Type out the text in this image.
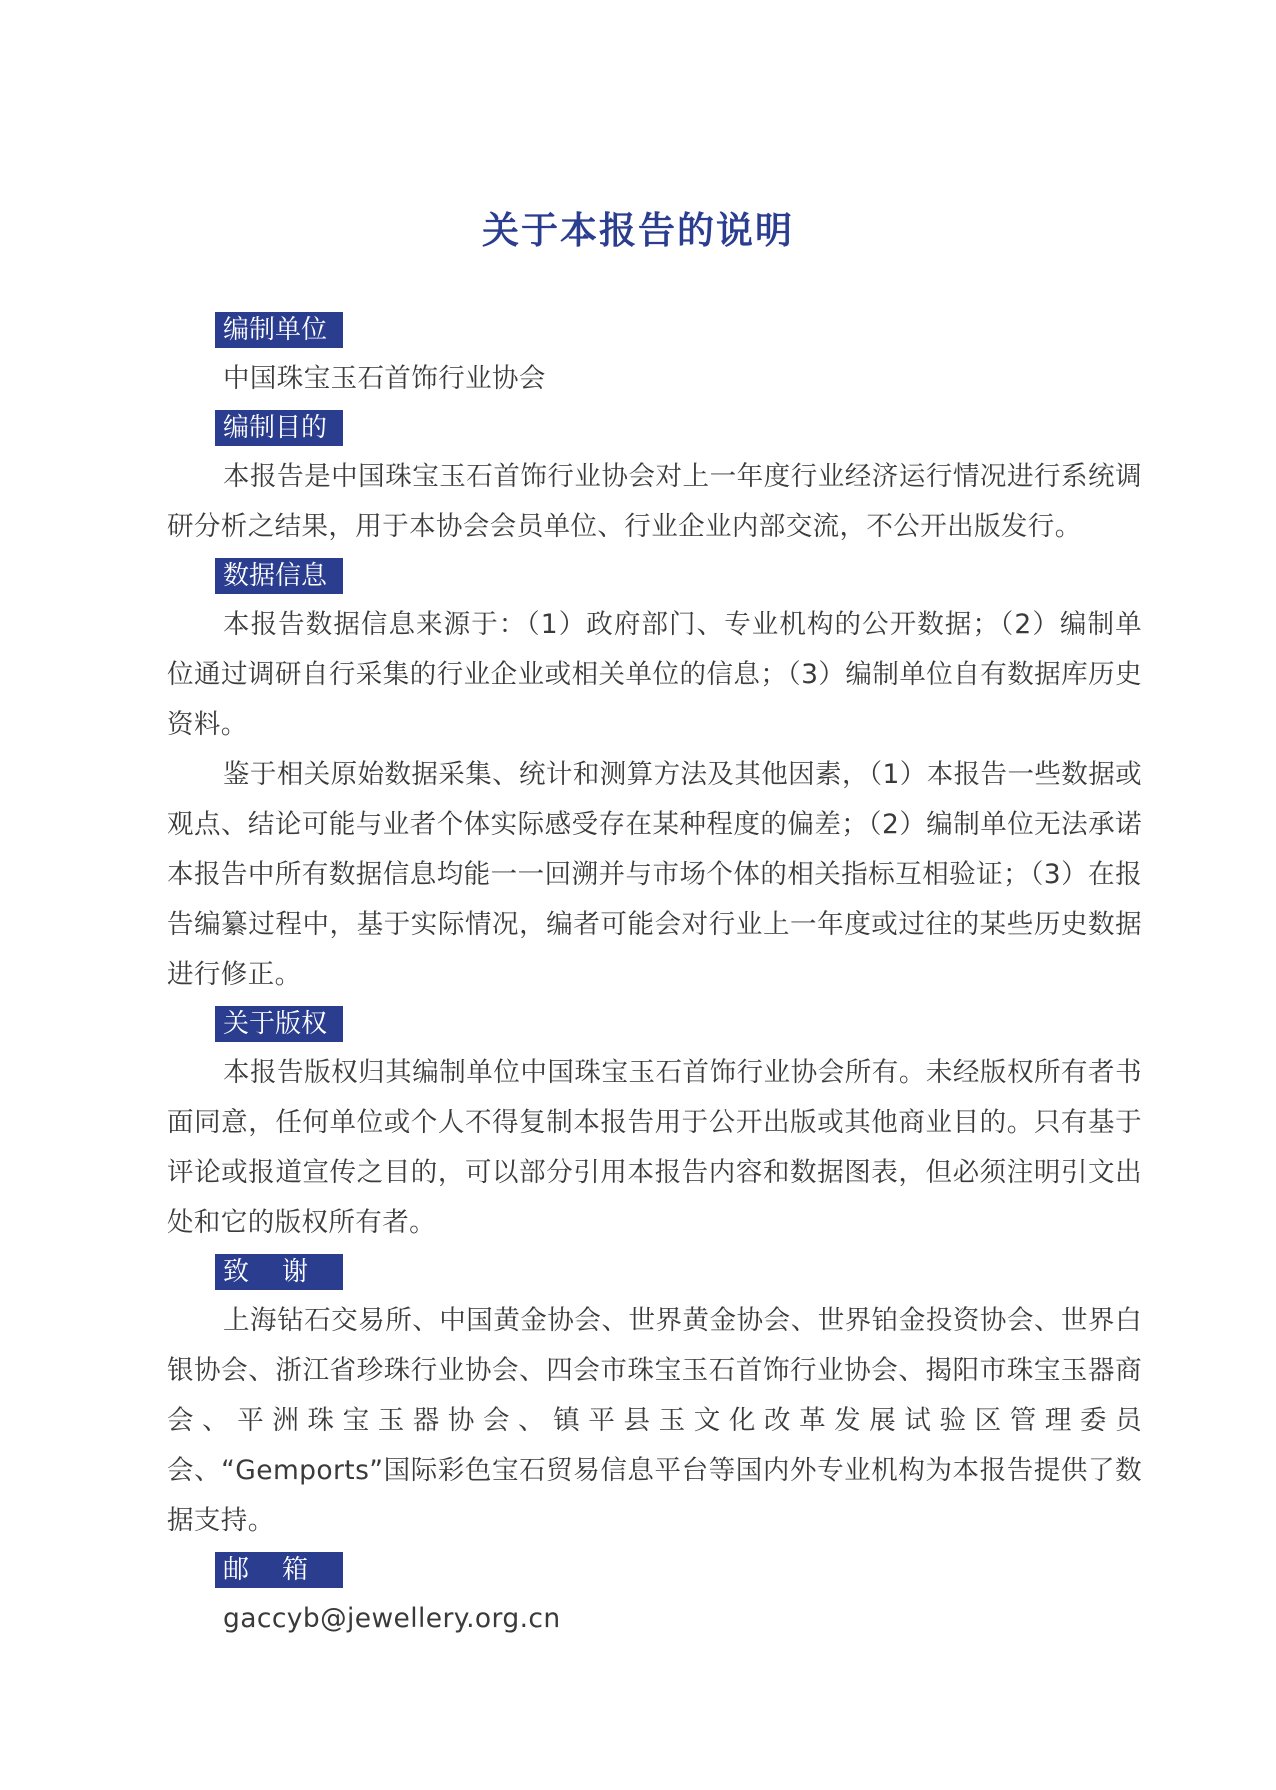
关于本报告的说明
编制单位

中国珠宝玉石首饰行业协会

编制目的

本报告是中国珠宝玉石首饰行业协会对上一年度行业经济运行情况进行系统调研分析之结果，用于本协会会员单位、行业企业内部交流，不公开出版发行。

数据信息

本报告数据信息来源于：（1）政府部门、专业机构的公开数据；（2）编制单位通过调研自行采集的行业企业或相关单位的信息；（3）编制单位自有数据库历史资料。

鉴于相关原始数据采集、统计和测算方法及其他因素，（1）本报告一些数据或观点、结论可能与业者个体实际感受存在某种程度的偏差；（2）编制单位无法承诺本报告中所有数据信息均能一一回溯并与市场个体的相关指标互相验证；（3）在报告编纂过程中，基于实际情况，编者可能会对行业上一年度或过往的某些历史数据进行修正。

关于版权

本报告版权归其编制单位中国珠宝玉石首饰行业协会所有。未经版权所有者书面同意，任何单位或个人不得复制本报告用于公开出版或其他商业目的。只有基于评论或报道宣传之目的，可以部分引用本报告内容和数据图表，但必须注明引文出处和它的版权所有者。

致    谢

上海钻石交易所、中国黄金协会、世界黄金协会、世界铂金投资协会、世界白银协会、浙江省珍珠行业协会、四会市珠宝玉石首饰行业协会、揭阳市珠宝玉器商会、平洲珠宝玉器协会、镇平县玉文化改革发展试验区管理委员会、“Gemports”国际彩色宝石贸易信息平台等国内外专业机构为本报告提供了数据支持。

邮    箱

gaccyb@jewellery.org.cn
